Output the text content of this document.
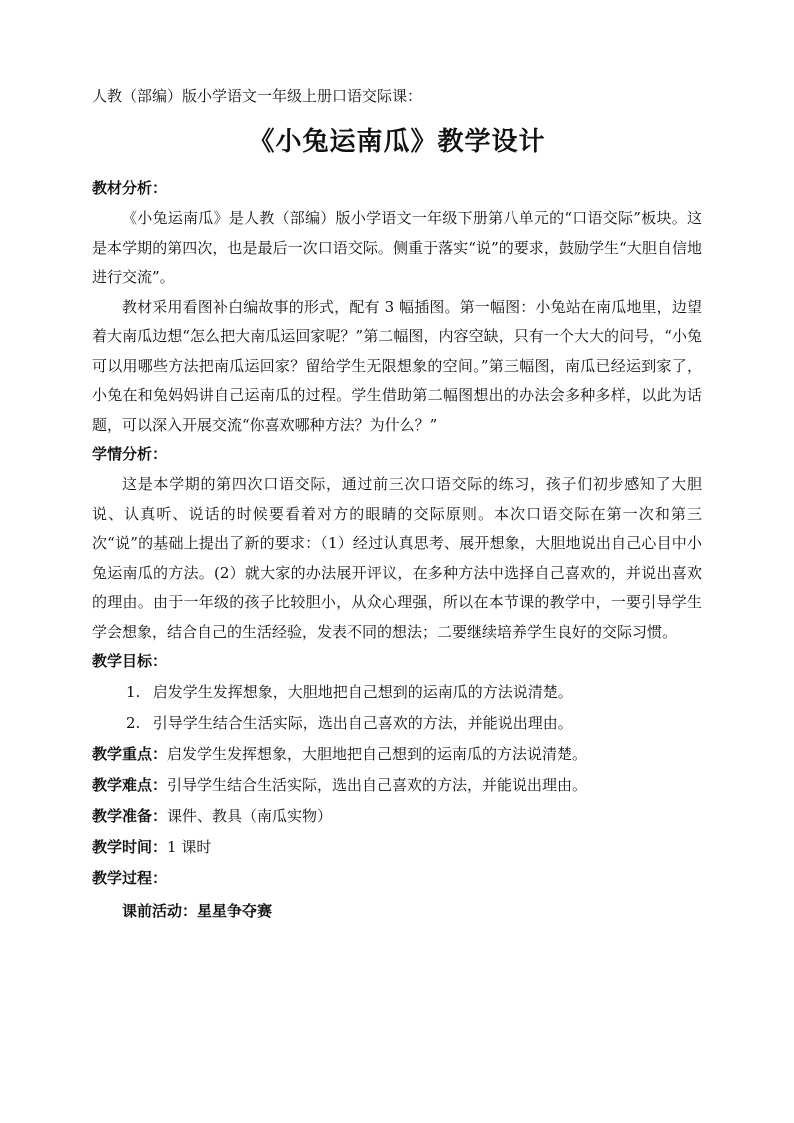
人教（部编）版小学语文一年级上册口语交际课：

《小兔运南瓜》教学设计

教材分析：

《小兔运南瓜》是人教（部编）版小学语文一年级下册第八单元的“口语交际”板块。这是本学期的第四次，也是最后一次口语交际。侧重于落实“说”的要求，鼓励学生“大胆自信地进行交流”。

教材采用看图补白编故事的形式，配有 3 幅插图。第一幅图：小兔站在南瓜地里，边望着大南瓜边想“怎么把大南瓜运回家呢？”第二幅图，内容空缺，只有一个大大的问号，“小兔可以用哪些方法把南瓜运回家？留给学生无限想象的空间。”第三幅图，南瓜已经运到家了，小兔在和兔妈妈讲自己运南瓜的过程。学生借助第二幅图想出的办法会多种多样，以此为话题，可以深入开展交流“你喜欢哪种方法？为什么？”

学情分析：

这是本学期的第四次口语交际，通过前三次口语交际的练习，孩子们初步感知了大胆说、认真听、说话的时候要看着对方的眼睛的交际原则。本次口语交际在第一次和第三次“说”的基础上提出了新的要求：（1）经过认真思考、展开想象，大胆地说出自己心目中小兔运南瓜的方法。(2）就大家的办法展开评议，在多种方法中选择自己喜欢的，并说出喜欢的理由。由于一年级的孩子比较胆小，从众心理强，所以在本节课的教学中，一要引导学生学会想象，结合自己的生活经验，发表不同的想法；二要继续培养学生良好的交际习惯。

教学目标：

1. 启发学生发挥想象，大胆地把自己想到的运南瓜的方法说清楚。

2. 引导学生结合生活实际，选出自己喜欢的方法，并能说出理由。

教学重点：启发学生发挥想象，大胆地把自己想到的运南瓜的方法说清楚。

教学难点：引导学生结合生活实际，选出自己喜欢的方法，并能说出理由。

教学准备：课件、教具（南瓜实物）

教学时间：1 课时

教学过程：

课前活动：星星争夺赛
